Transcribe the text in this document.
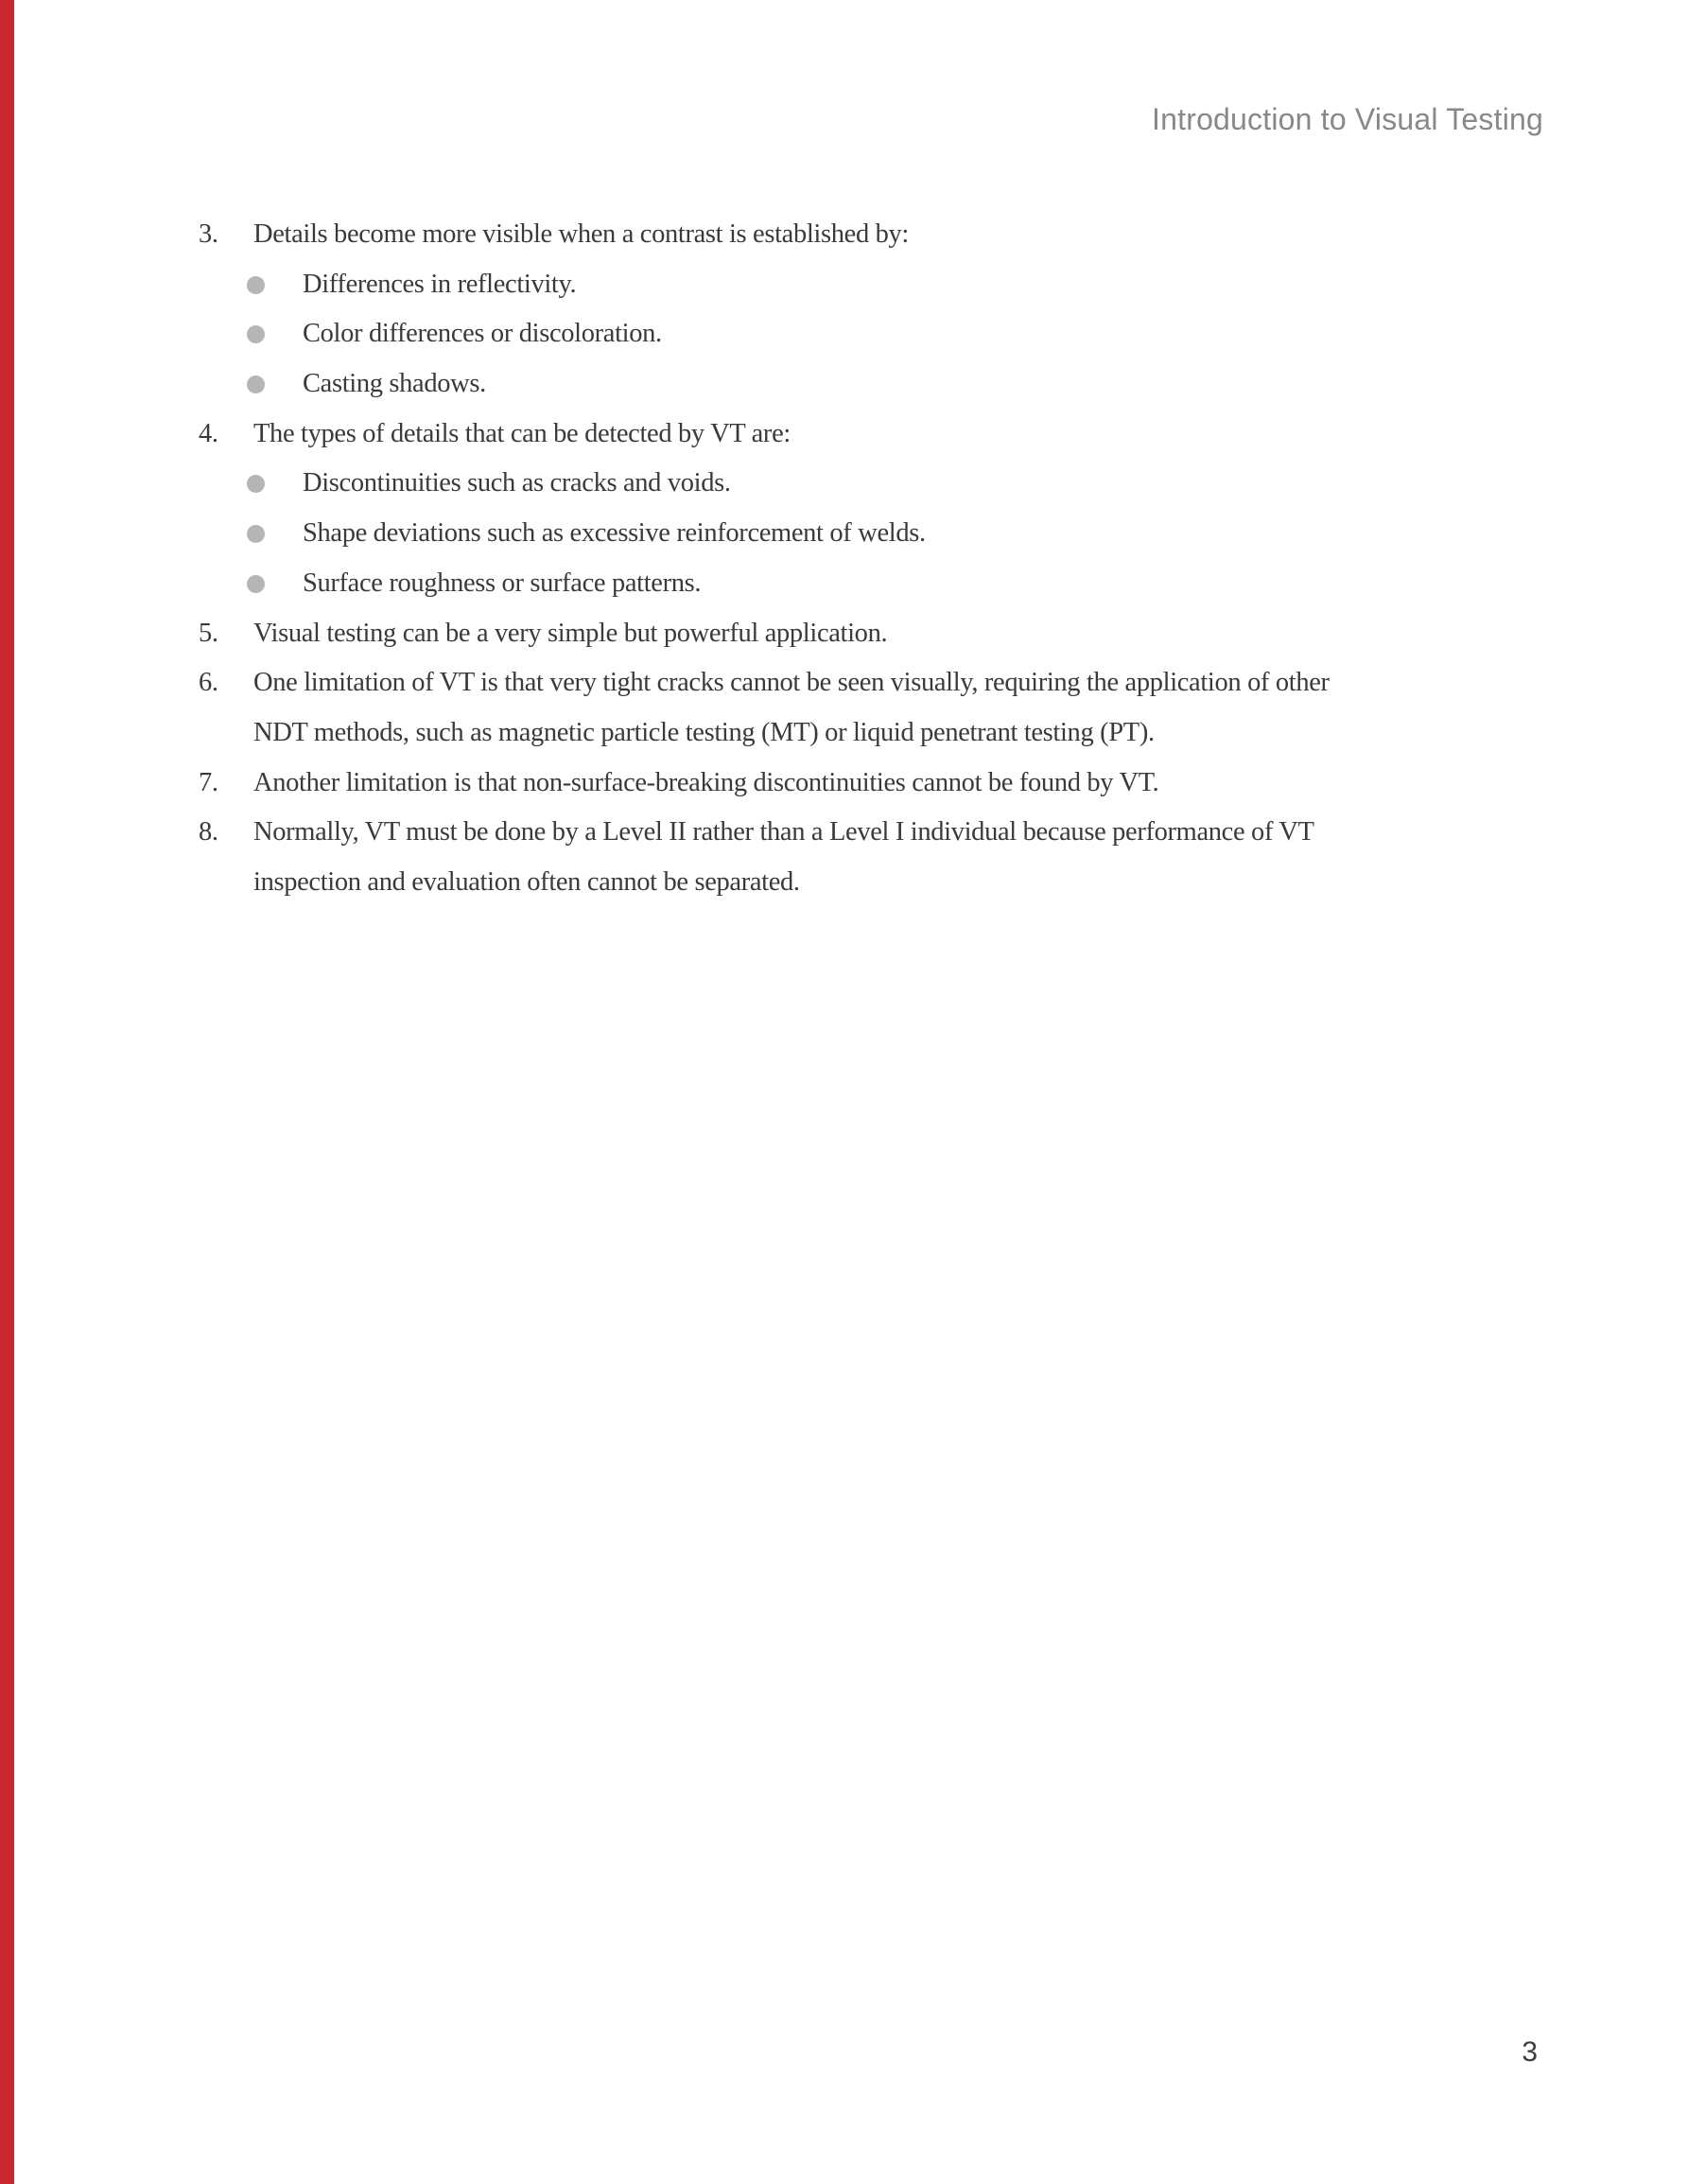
Introduction to Visual Testing
3.	Details become more visible when a contrast is established by:
Differences in reflectivity.
Color differences or discoloration.
Casting shadows.
4.	The types of details that can be detected by VT are:
Discontinuities such as cracks and voids.
Shape deviations such as excessive reinforcement of welds.
Surface roughness or surface patterns.
5.	Visual testing can be a very simple but powerful application.
6.	One limitation of VT is that very tight cracks cannot be seen visually, requiring the application of other
NDT methods, such as magnetic particle testing (MT) or liquid penetrant testing (PT).
7.	Another limitation is that non-surface-breaking discontinuities cannot be found by VT.
8.	Normally, VT must be done by a Level II rather than a Level I individual because performance of VT
inspection and evaluation often cannot be separated.
3
